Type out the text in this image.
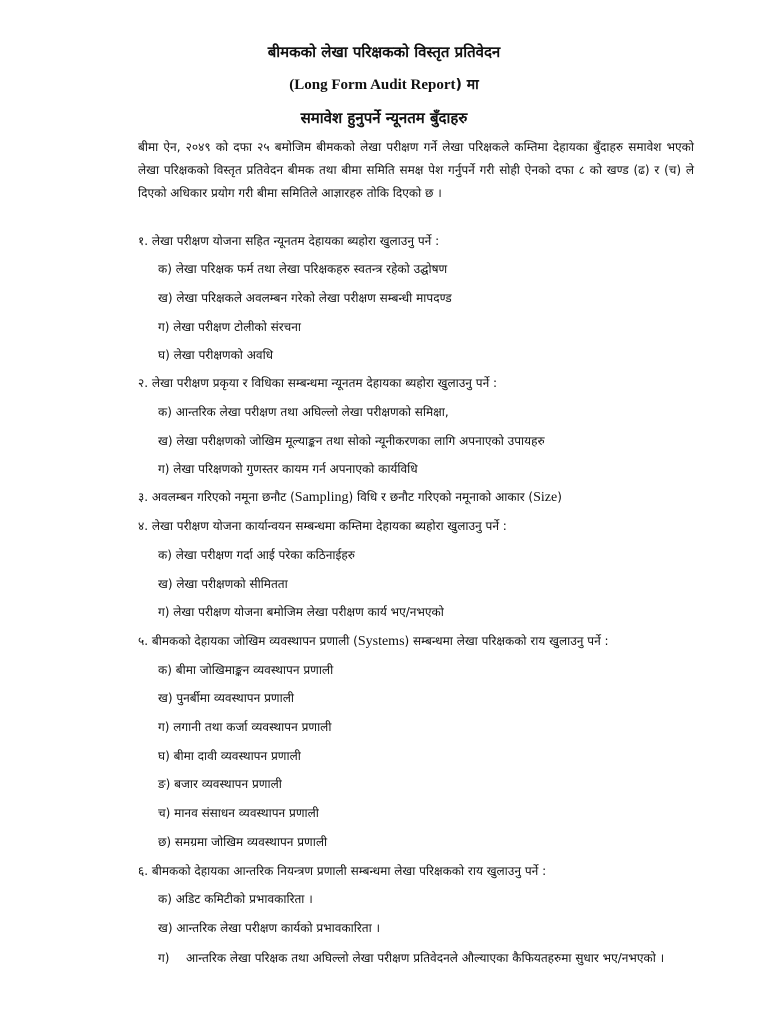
बीमकको लेखा परिक्षकको विस्तृत प्रतिवेदन
(Long Form Audit Report) मा
समावेश हुनुपर्ने न्यूनतम बुँदाहरु
बीमा ऐन, २०४९ को दफा २५ बमोजिम बीमकको लेखा परीक्षण गर्ने लेखा परिक्षकले कम्तिमा देहायका बुँदाहरु समावेश भएको लेखा परिक्षकको विस्तृत प्रतिवेदन बीमक तथा बीमा समिति समक्ष पेश गर्नुपर्ने गरी सोही ऐनको दफा ८ को खण्ड (ढ) र (च) ले दिएको अधिकार प्रयोग गरी बीमा समितिले आज्ञारहरु तोकि दिएको छ ।
१. लेखा परीक्षण योजना सहित न्यूनतम देहायका ब्यहोरा खुलाउनु पर्ने :
क) लेखा परिक्षक फर्म तथा लेखा परिक्षकहरु स्वतन्त्र रहेको उद्घोषण
ख) लेखा परिक्षकले अवलम्बन गरेको लेखा परीक्षण सम्बन्धी मापदण्ड
ग) लेखा परीक्षण टोलीको संरचना
घ) लेखा परीक्षणको अवधि
२. लेखा परीक्षण प्रकृया र विधिका सम्बन्धमा न्यूनतम देहायका ब्यहोरा खुलाउनु पर्ने :
क) आन्तरिक लेखा परीक्षण तथा अघिल्लो लेखा परीक्षणको समिक्षा,
ख) लेखा परीक्षणको जोखिम मूल्याङ्कन तथा सोको न्यूनीकरणका लागि अपनाएको उपायहरु
ग) लेखा परिक्षणको गुणस्तर कायम गर्न अपनाएको कार्यविधि
३. अवलम्बन गरिएको नमूना छनौट (Sampling) विधि र छनौट गरिएको नमूनाको आकार (Size)
४. लेखा परीक्षण योजना कार्यान्वयन सम्बन्धमा कम्तिमा देहायका ब्यहोरा खुलाउनु पर्ने :
क) लेखा परीक्षण गर्दा आई परेका कठिनाईहरु
ख) लेखा परीक्षणको सीमितता
ग) लेखा परीक्षण योजना बमोजिम लेखा परीक्षण कार्य भए/नभएको
५. बीमकको देहायका जोखिम व्यवस्थापन प्रणाली (Systems) सम्बन्धमा लेखा परिक्षकको राय खुलाउनु पर्ने :
क) बीमा जोखिमाङ्कन व्यवस्थापन प्रणाली
ख) पुनर्बीमा व्यवस्थापन प्रणाली
ग) लगानी तथा कर्जा व्यवस्थापन प्रणाली
घ) बीमा दावी व्यवस्थापन प्रणाली
ङ) बजार व्यवस्थापन प्रणाली
च) मानव संसाधन व्यवस्थापन प्रणाली
छ) समग्रमा जोखिम व्यवस्थापन प्रणाली
६. बीमकको देहायका आन्तरिक नियन्त्रण प्रणाली सम्बन्धमा लेखा परिक्षकको राय खुलाउनु पर्ने :
क) अडिट कमिटीको प्रभावकारिता ।
ख) आन्तरिक लेखा परीक्षण कार्यको प्रभावकारिता ।
ग)	आन्तरिक लेखा परिक्षक तथा अघिल्लो लेखा परीक्षण प्रतिवेदनले औल्याएका कैफियतहरुमा सुधार भए/नभएको ।
